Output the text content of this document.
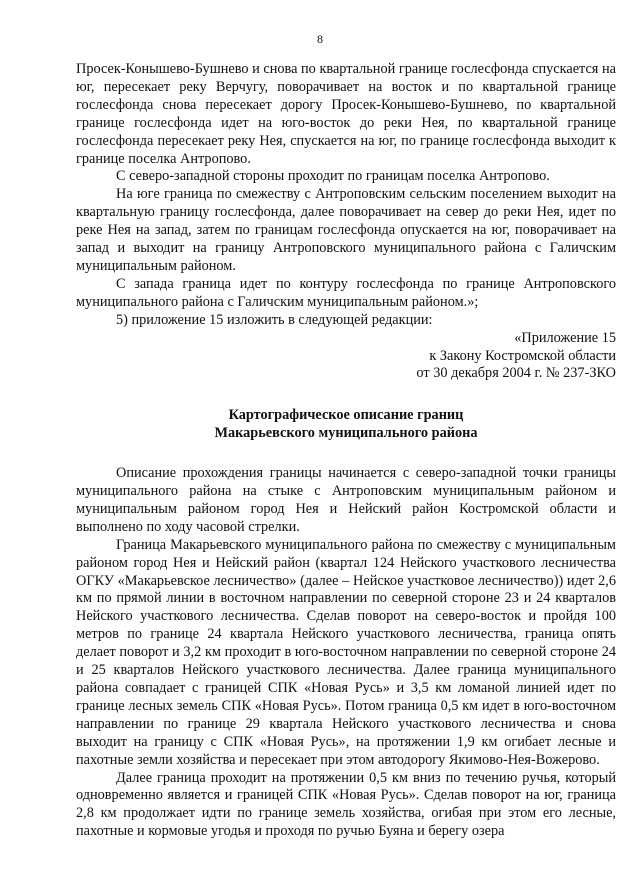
8

Просек-Конышево-Бушнево и снова по квартальной границе гослесфонда спускается на юг, пересекает реку Верчугу, поворачивает на восток и по квартальной границе гослесфонда снова пересекает дорогу Просек-Конышево-Бушнево, по квартальной границе гослесфонда идет на юго-восток до реки Нея, по квартальной границе гослесфонда пересекает реку Нея, спускается на юг, по границе гослесфонда выходит к границе поселка Антропово.

С северо-западной стороны проходит по границам поселка Антропово.

На юге граница по смежеству с Антроповским сельским поселением выходит на квартальную границу гослесфонда, далее поворачивает на север до реки Нея, идет по реке Нея на запад, затем по границам гослесфонда опускается на юг, поворачивает на запад и выходит на границу Антроповского муниципального района с Галичским муниципальным районом.

С запада граница идет по контуру гослесфонда по границе Антроповского муниципального района с Галичским муниципальным районом.»;

5) приложение 15 изложить в следующей редакции:

«Приложение 15

к Закону Костромской области

от 30 декабря 2004 г. № 237-ЗКО

Картографическое описание границ
Макарьевского муниципального района

Описание прохождения границы начинается с северо-западной точки границы муниципального района на стыке с Антроповским муниципальным районом и муниципальным районом город Нея и Нейский район Костромской области и выполнено по ходу часовой стрелки.

Граница Макарьевского муниципального района по смежеству с муниципальным районом город Нея и Нейский район (квартал 124 Нейского участкового лесничества ОГКУ «Макарьевское лесничество» (далее – Нейское участковое лесничество)) идет 2,6 км по прямой линии в восточном направлении по северной стороне 23 и 24 кварталов Нейского участкового лесничества. Сделав поворот на северо-восток и пройдя 100 метров по границе 24 квартала Нейского участкового лесничества, граница опять делает поворот и 3,2 км проходит в юго-восточном направлении по северной стороне 24 и 25 кварталов Нейского участкового лесничества. Далее граница муниципального района совпадает с границей СПК «Новая Русь» и 3,5 км ломаной линией идет по границе лесных земель СПК «Новая Русь». Потом граница 0,5 км идет в юго-восточном направлении по границе 29 квартала Нейского участкового лесничества и снова выходит на границу с СПК «Новая Русь», на протяжении 1,9 км огибает лесные и пахотные земли хозяйства и пересекает при этом автодорогу Якимово-Нея-Вожерово.

Далее граница проходит на протяжении 0,5 км вниз по течению ручья, который одновременно является и границей СПК «Новая Русь». Сделав поворот на юг, граница 2,8 км продолжает идти по границе земель хозяйства, огибая при этом его лесные, пахотные и кормовые угодья и проходя по ручью Буяна и берегу озера
